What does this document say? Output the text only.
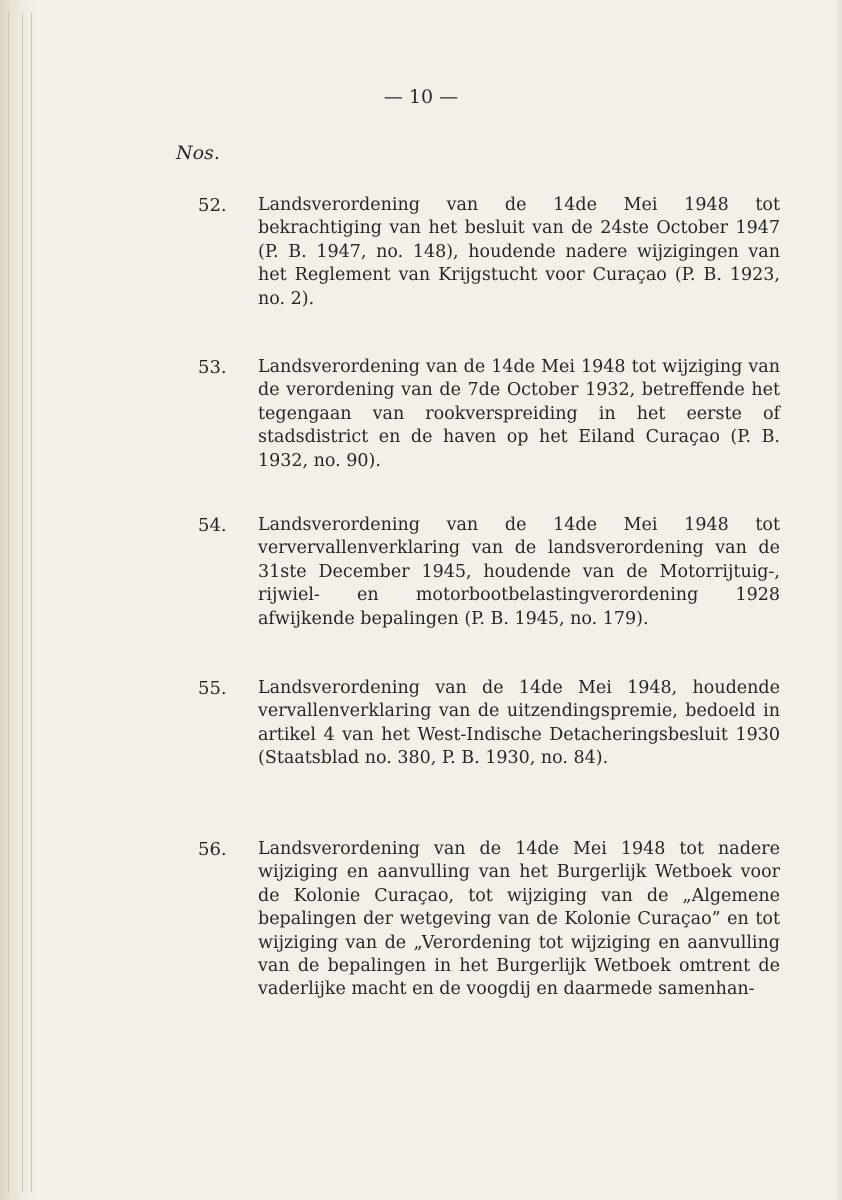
— 10 —
Nos.
52. Landsverordening van de 14de Mei 1948 tot bekrachtiging van het besluit van de 24ste October 1947 (P. B. 1947, no. 148), houdende nadere wijzigingen van het Reglement van Krijgstucht voor Curaçao (P. B. 1923, no. 2).
53. Landsverordening van de 14de Mei 1948 tot wijziging van de verordening van de 7de October 1932, betreffende het tegengaan van rookverspreiding in het eerste of stadsdistrict en de haven op het Eiland Curaçao (P. B. 1932, no. 90).
54. Landsverordening van de 14de Mei 1948 tot ververvallenverklaring van de landsverordening van de 31ste December 1945, houdende van de Motorrijtuig-, rijwiel- en motorbootbelastingverordening 1928 afwijkende bepalingen (P. B. 1945, no. 179).
55. Landsverordening van de 14de Mei 1948, houdende vervallenverklaring van de uitzendingspremie, bedoeld in artikel 4 van het West-Indische Detacheringsbesluit 1930 (Staatsblad no. 380, P. B. 1930, no. 84).
56. Landsverordening van de 14de Mei 1948 tot nadere wijziging en aanvulling van het Burgerlijk Wetboek voor de Kolonie Curaçao, tot wijziging van de „Algemene bepalingen der wetgeving van de Kolonie Curaçao” en tot wijziging van de „Verordening tot wijziging en aanvulling van de bepalingen in het Burgerlijk Wetboek omtrent de vaderlijke macht en de voogdij en daarmede samenhan-
